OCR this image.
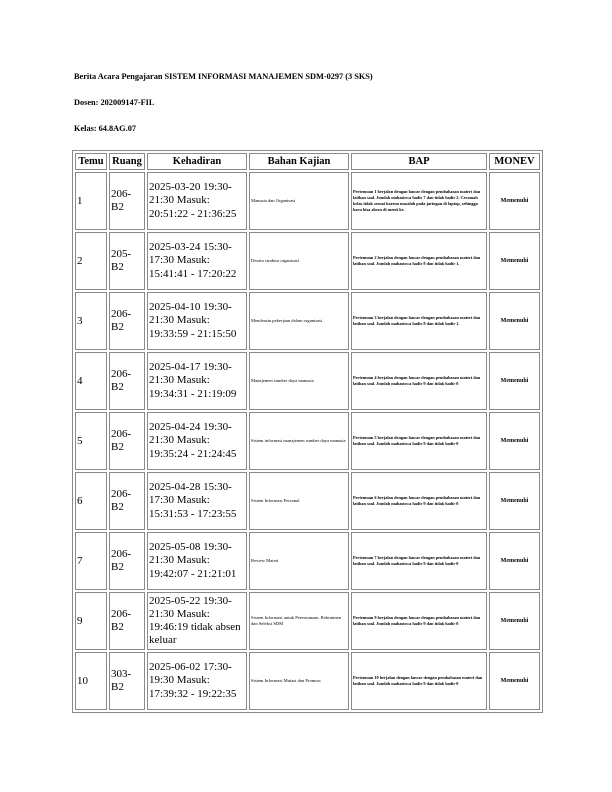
Berita Acara Pengajaran SISTEM INFORMASI MANAJEMEN SDM-0297 (3 SKS)
Dosen: 202009147-FIL
Kelas: 64.8AG.07
Temu	Ruang	Kehadiran	Bahan Kajian	BAP	MONEV
1	206-B2	2025-03-20 19:30-21:30 Masuk: 20:51:22 - 21:36:25	Manusia dan Organisasi	Pertemuan 1 berjalan dengan lancar dengan pembahasan materi dan latihan soal. Jumlah mahasiswa hadir 7 dan tidak hadir 2. Ceramah kelas tidak sesuai karena masalah pada jaringan di laptop, sehingga baru bisa absen di menit ke.	Memenuhi
2	205-B2	2025-03-24 15:30-17:30 Masuk: 15:41:41 - 17:20:22	Desain struktur organisasi	Pertemuan 2 berjalan dengan lancar dengan pembahasan materi dan latihan soal. Jumlah mahasiswa hadir 8 dan tidak hadir 1.	Memenuhi
3	206-B2	2025-04-10 19:30-21:30 Masuk: 19:33:59 - 21:15:50	Mendesain pekerjaan dalam organisasi	Pertemuan 3 berjalan dengan lancar dengan pembahasan materi dan latihan soal. Jumlah mahasiswa hadir 8 dan tidak hadir 1.	Memenuhi
4	206-B2	2025-04-17 19:30-21:30 Masuk: 19:34:31 - 21:19:09	Manajemen sumber daya manusia	Pertemuan 4 berjalan dengan lancar dengan pembahasan materi dan latihan soal. Jumlah mahasiswa hadir 9 dan tidak hadir 0	Memenuhi
5	206-B2	2025-04-24 19:30-21:30 Masuk: 19:35:24 - 21:24:45	Sistem informasi manajemen sumber daya manusia	Pertemuan 5 berjalan dengan lancar dengan pembahasan materi dan latihan soal. Jumlah mahasiswa hadir 9 dan tidak hadir 0	Memenuhi
6	206-B2	2025-04-28 15:30-17:30 Masuk: 15:31:53 - 17:23:55	Sistem Informasi Personal	Pertemuan 6 berjalan dengan lancar dengan pembahasan materi dan latihan soal. Jumlah mahasiswa hadir 9 dan tidak hadir 0	Memenuhi
7	206-B2	2025-05-08 19:30-21:30 Masuk: 19:42:07 - 21:21:01	Review Materi	Pertemuan 7 berjalan dengan lancar dengan pembahasan materi dan latihan soal. Jumlah mahasiswa hadir 9 dan tidak hadir 0	Memenuhi
9	206-B2	2025-05-22 19:30-21:30 Masuk: 19:46:19 tidak absen keluar	Sistem Informasi untuk Perencanaan, Rekrutmen dan Seleksi SDM	Pertemuan 9 berjalan dengan lancar dengan pembahasan materi dan latihan soal. Jumlah mahasiswa hadir 9 dan tidak hadir 0	Memenuhi
10	303-B2	2025-06-02 17:30-19:30 Masuk: 17:39:32 - 19:22:35	Sistem Informasi Mutasi dan Promosi	Pertemuan 10 berjalan dengan lancar dengan pembahasan materi dan latihan soal. Jumlah mahasiswa hadir 9 dan tidak hadir 0	Memenuhi
